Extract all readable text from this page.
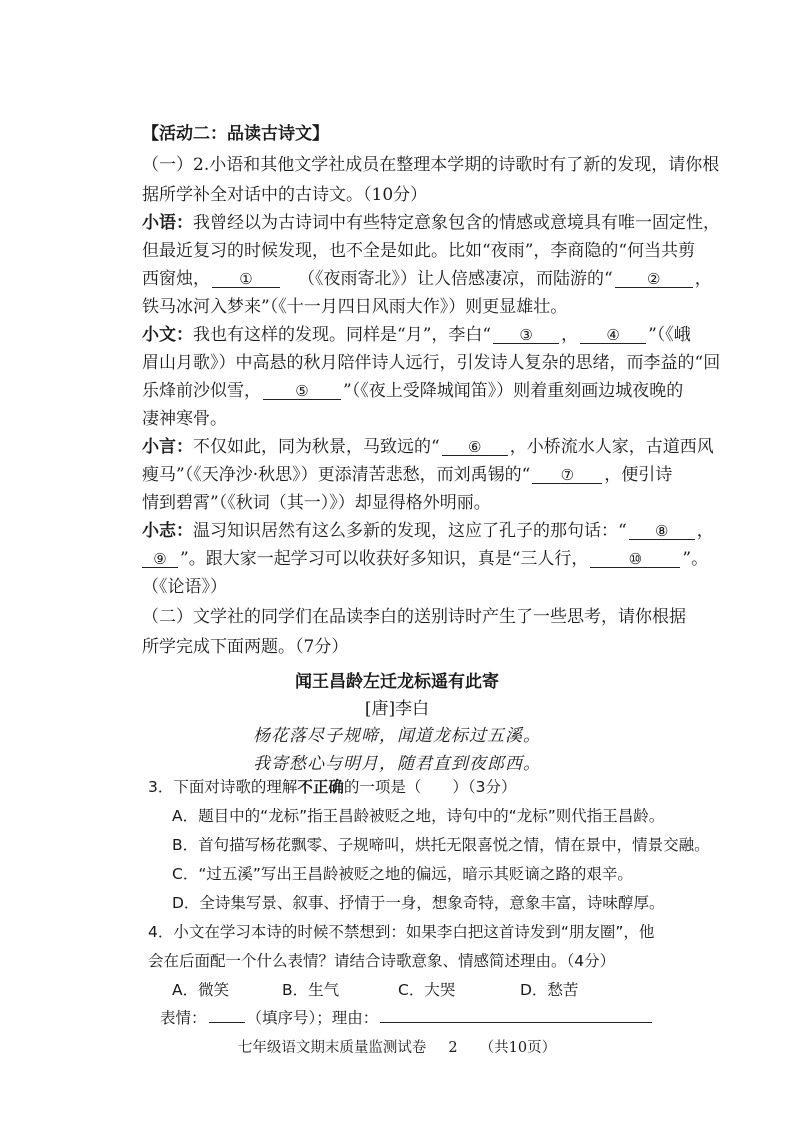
【活动二：品读古诗文】
（一）2.小语和其他文学社成员在整理本学期的诗歌时有了新的发现，请你根
据所学补全对话中的古诗文。（10分）
小语：我曾经以为古诗词中有些特定意象包含的情感或意境具有唯一固定性，
但最近复习的时候发现，也不全是如此。比如“夜雨”，李商隐的“何当共剪
西窗烛， ①	（《夜雨寄北》）让人倍感凄凉，而陆游的“ ② ，
铁马冰河入梦来”（《十一月四日风雨大作》）则更显雄壮。
小文：我也有这样的发现。同样是“月”，李白“ ③ ， ④ ”（《峨
眉山月歌》）中高悬的秋月陪伴诗人远行，引发诗人复杂的思绪，而李益的“回
乐烽前沙似雪， ⑤ ”（《夜上受降城闻笛》）则着重刻画边城夜晚的
凄神寒骨。
小言：不仅如此，同为秋景，马致远的“ ⑥ ，小桥流水人家，古道西风
瘦马”（《天净沙·秋思》）更添清苦悲愁，而刘禹锡的“ ⑦ ，便引诗
情到碧霄”（《秋词（其一）》）却显得格外明丽。
小志：温习知识居然有这么多新的发现，这应了孔子的那句话：“ ⑧ ，
⑨ ”。跟大家一起学习可以收获好多知识，真是“三人行，	⑩ ”。
（《论语》）
（二）文学社的同学们在品读李白的送别诗时产生了一些思考，请你根据
所学完成下面两题。（7分）
闻王昌龄左迁龙标遥有此寄
[唐]李白
杨花落尽子规啼，闻道龙标过五溪。
我寄愁心与明月，随君直到夜郎西。
3．下面对诗歌的理解不正确的一项是（　　）（3分）
A．题目中的“龙标”指王昌龄被贬之地，诗句中的“龙标”则代指王昌龄。
B．首句描写杨花飘零、子规啼叫，烘托无限喜悦之情，情在景中，情景交融。
C．“过五溪”写出王昌龄被贬之地的偏远，暗示其贬谪之路的艰辛。
D．全诗集写景、叙事、抒情于一身，想象奇特，意象丰富，诗味醇厚。
4．小文在学习本诗的时候不禁想到：如果李白把这首诗发到“朋友圈”，他
会在后面配一个什么表情？请结合诗歌意象、情感简述理由。（4分）
A．微笑	B．生气	C．大哭	D．愁苦
表情：	（填序号）；理由：
七年级语文期末质量监测试卷 2 （共10页）
